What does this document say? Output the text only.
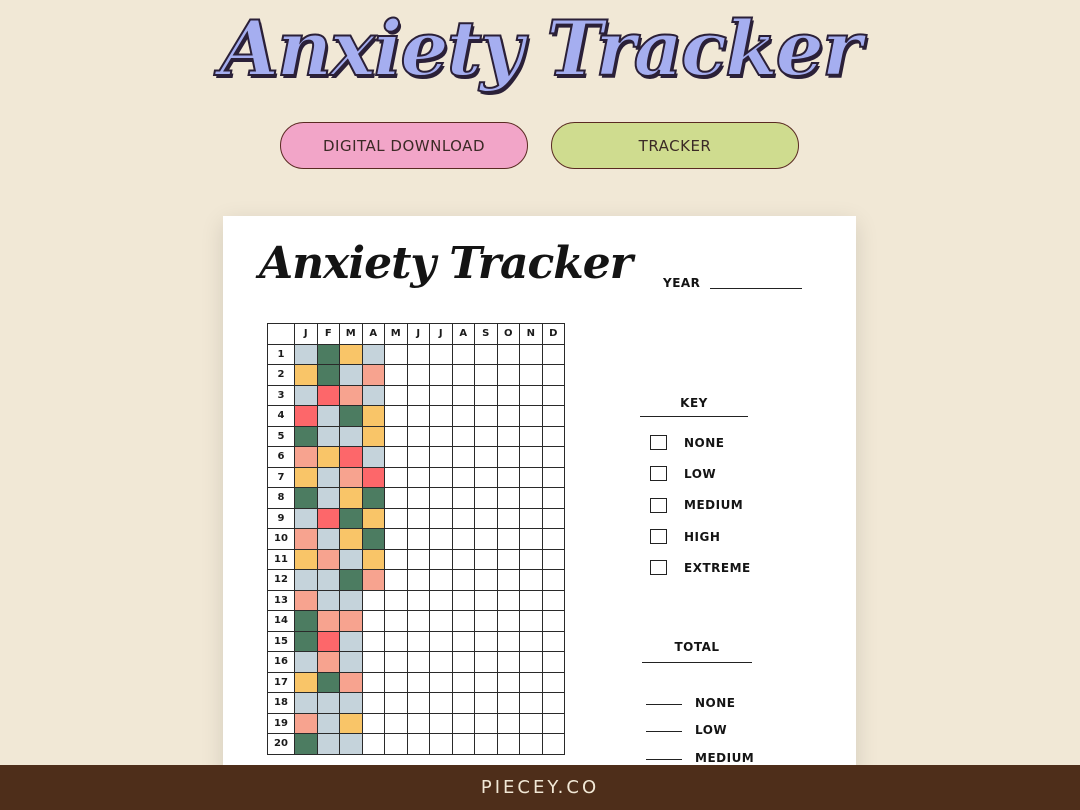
Anxiety Tracker
DIGITAL DOWNLOAD	TRACKER
Anxiety Tracker	YEAR
	J	F	M	A	M	J	J	A	S	O	N	D
1												
2												
3												
4												
5												
6												
7												
8												
9												
10												
11												
12												
13												
14												
15												
16												
17												
18												
19												
20												
KEY
NONE
LOW
MEDIUM
HIGH
EXTREME
TOTAL
NONE
LOW
MEDIUM
PIECEY.CO
